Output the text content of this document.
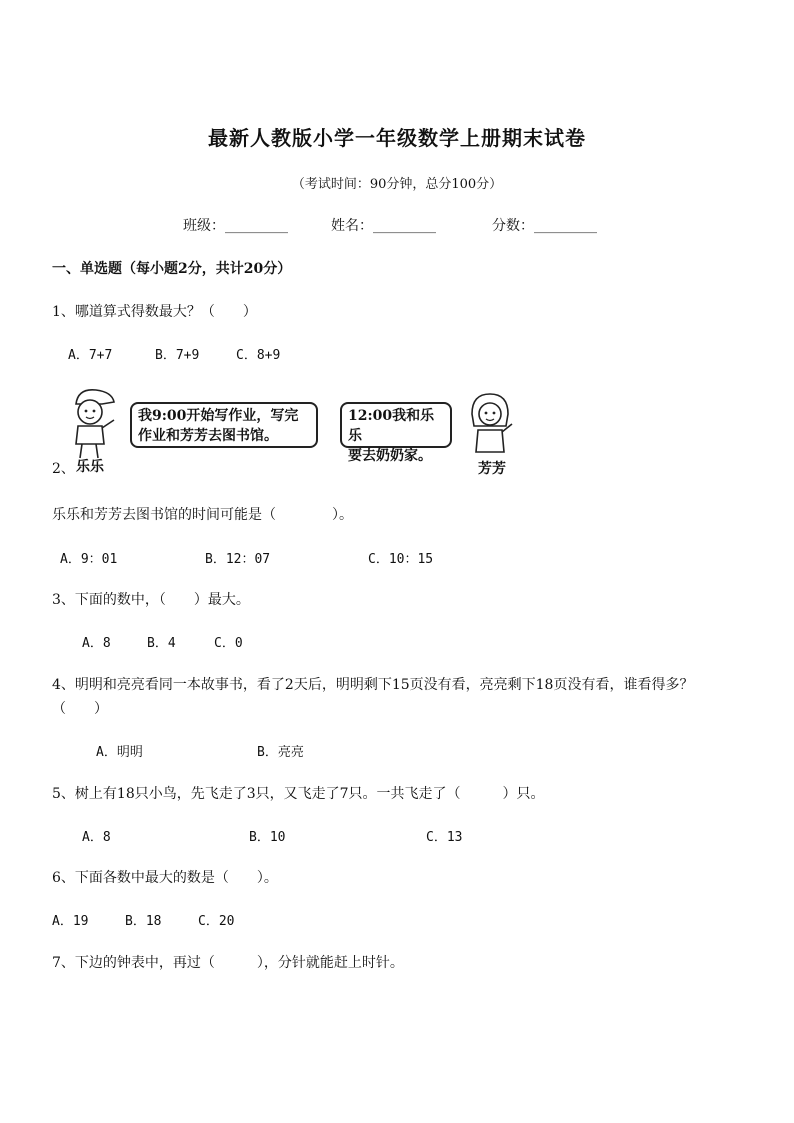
最新人教版小学一年级数学上册期末试卷
（考试时间：90分钟，总分100分）
班级：_________	姓名：_________	分数：_________
一、单选题（每小题2分，共计20分）
1、哪道算式得数最大？（　　）
A．7+7	B．7+9	C．8+9
我9:00开始写作业，写完
作业和芳芳去图书馆。
12:00我和乐乐
要去奶奶家。
2、 乐乐	芳芳
乐乐和芳芳去图书馆的时间可能是（　　　　）。
A．9：01	B．12：07	C．10：15
3、下面的数中，（　　）最大。
A．8	B．4	C．0
4、明明和亮亮看同一本故事书，看了2天后，明明剩下15页没有看，亮亮剩下18页没有看，谁看得多？
（　　）
A．明明	B．亮亮
5、树上有18只小鸟，先飞走了3只，又飞走了7只。一共飞走了（　　　）只。
A．8	B．10	C．13
6、下面各数中最大的数是（　　）。
A．19	B．18	C．20
7、下边的钟表中，再过（　　　），分针就能赶上时针。
